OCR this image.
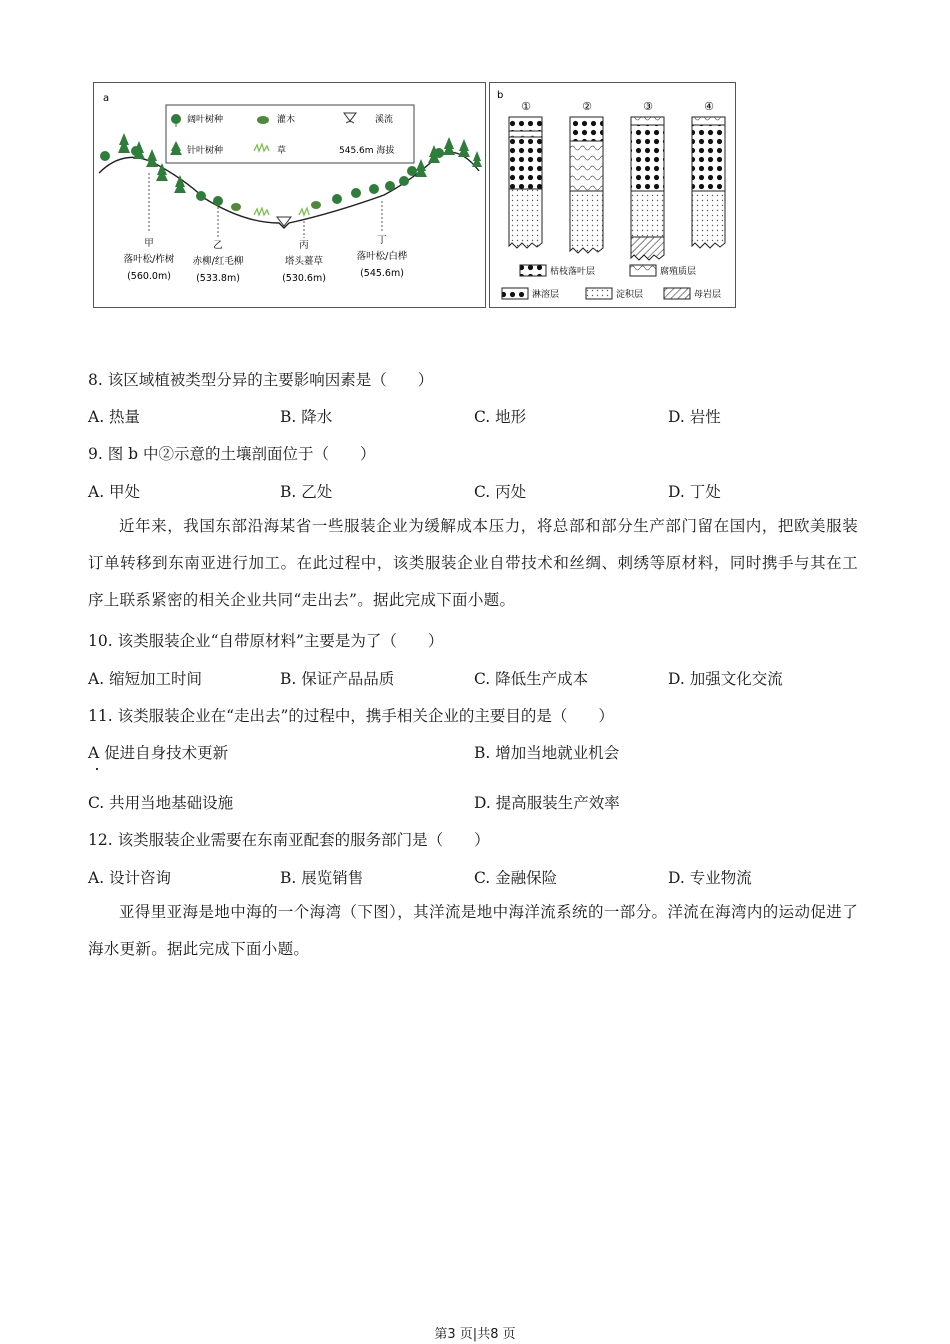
a
阔叶树种	灌木	溪流
针叶树种	草	545.6m 海拔
甲
落叶松/柞树
(560.0m)
乙
赤柳/红毛柳
(533.8m)
丙
塔头薹草
(530.6m)
丁
落叶松/白桦
(545.6m)
b
①	②	③	④
枯枝落叶层	腐殖质层
淋溶层	淀积层	母岩层
8. 该区域植被类型分异的主要影响因素是（　　）
A. 热量	B. 降水	C. 地形	D. 岩性
9. 图 b 中②示意的土壤剖面位于（　　）
A. 甲处	B. 乙处	C. 丙处	D. 丁处
近年来，我国东部沿海某省一些服装企业为缓解成本压力，将总部和部分生产部门留在国内，把欧美服装订单转移到东南亚进行加工。在此过程中，该类服装企业自带技术和丝绸、刺绣等原材料，同时携手与其在工序上联系紧密的相关企业共同“走出去”。据此完成下面小题。
10. 该类服装企业“自带原材料”主要是为了（　　）
A. 缩短加工时间	B. 保证产品品质	C. 降低生产成本	D. 加强文化交流
11. 该类服装企业在“走出去”的过程中，携手相关企业的主要目的是（　　）
A 促进自身技术更新	B. 增加当地就业机会
C. 共用当地基础设施	D. 提高服装生产效率
12. 该类服装企业需要在东南亚配套的服务部门是（　　）
A. 设计咨询	B. 展览销售	C. 金融保险	D. 专业物流
亚得里亚海是地中海的一个海湾（下图），其洋流是地中海洋流系统的一部分。洋流在海湾内的运动促进了海水更新。据此完成下面小题。
第3 页|共8 页
